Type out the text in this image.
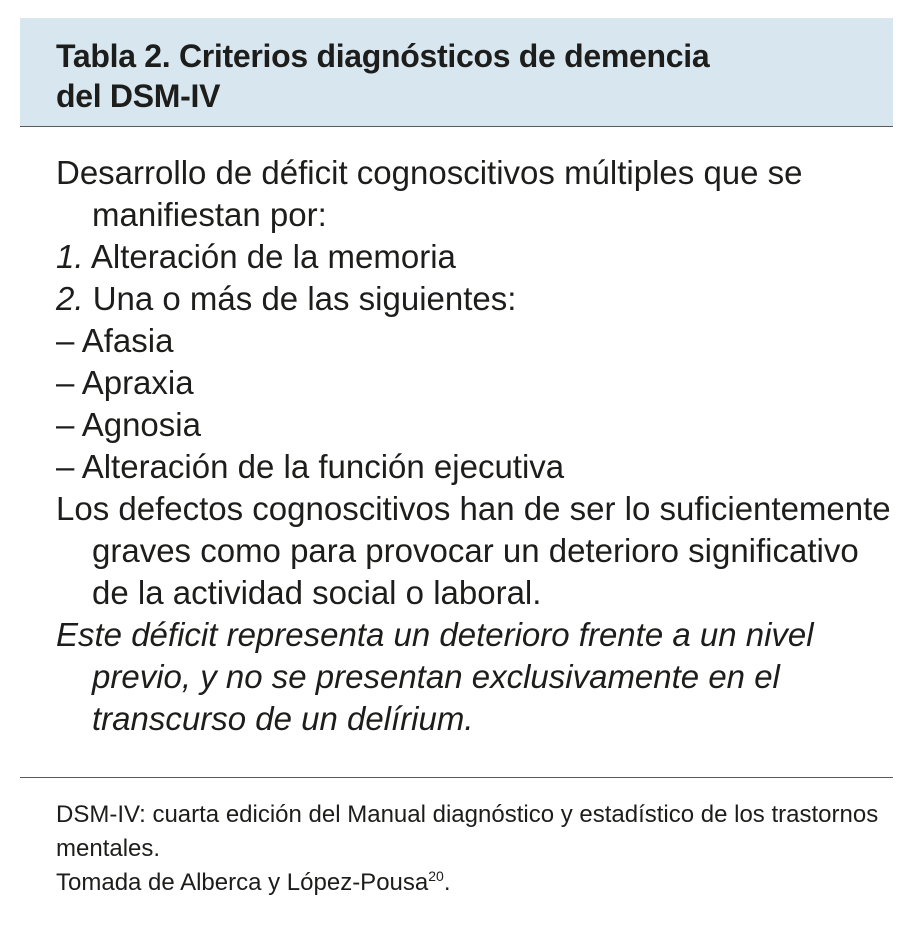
Tabla 2. Criterios diagnósticos de demencia
del DSM-IV

Desarrollo de déficit cognoscitivos múltiples que se manifiestan por:

1. Alteración de la memoria

2. Una o más de las siguientes:

– Afasia

– Apraxia

– Agnosia

– Alteración de la función ejecutiva

Los defectos cognoscitivos han de ser lo suficientemente graves como para provocar un deterioro significativo de la actividad social o laboral.

Este déficit representa un deterioro frente a un nivel previo, y no se presentan exclusivamente en el transcurso de un delírium.

DSM-IV: cuarta edición del Manual diagnóstico y estadístico de los trastornos mentales.

Tomada de Alberca y López-Pousa$^{20}$.
